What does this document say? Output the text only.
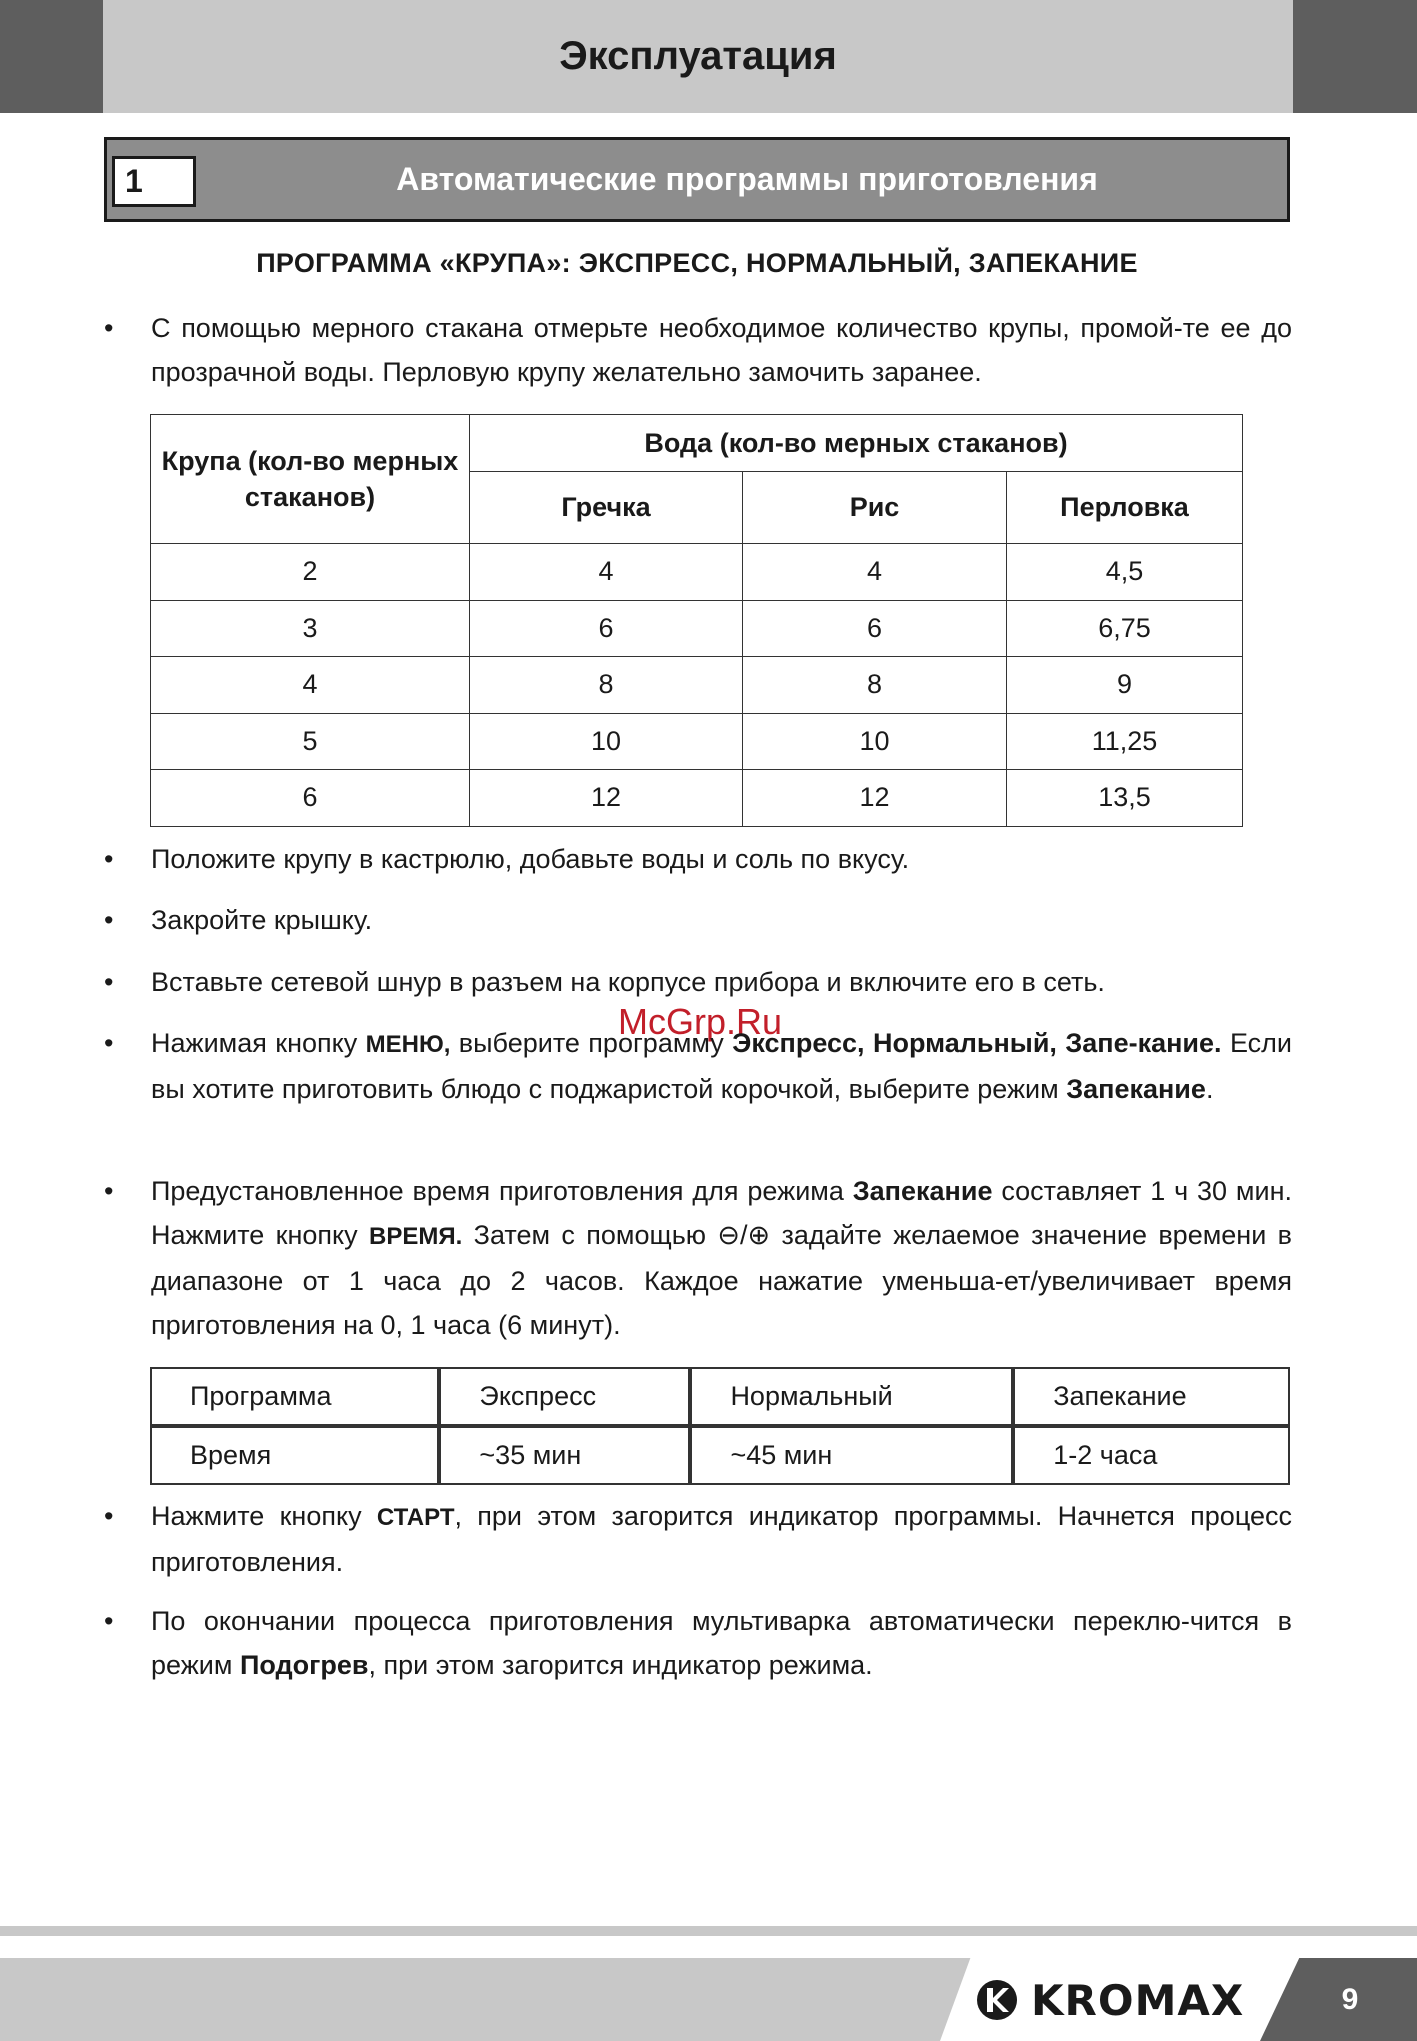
Эксплуатация
1	Автоматические программы приготовления
ПРОГРАММА «КРУПА»: ЭКСПРЕСС, НОРМАЛЬНЫЙ, ЗАПЕКАНИЕ
•	С помощью мерного стакана отмерьте необходимое количество крупы, промой-те ее до прозрачной воды. Перловую крупу желательно замочить заранее.
Крупа (кол-во мерных стаканов)	Вода (кол-во мерных стаканов)		
	Гречка	Рис	Перловка
2	4	4	4,5
3	6	6	6,75
4	8	8	9
5	10	10	11,25
6	12	12	13,5
•	Положите крупу в кастрюлю, добавьте воды и соль по вкусу.
•	Закройте крышку.
•	Вставьте сетевой шнур в разъем на корпусе прибора и включите его в сеть.
McGrp.Ru
•	Нажимая кнопку МЕНЮ, выберите программу Экспресс, Нормальный, Запе-кание. Если вы хотите приготовить блюдо с поджаристой корочкой, выберите режим Запекание.
•	Предустановленное время приготовления для режима Запекание составляет 1 ч 30 мин. Нажмите кнопку ВРЕМЯ. Затем с помощью ⊖/⊕ задайте желаемое значение времени в диапазоне от 1 часа до 2 часов. Каждое нажатие уменьша-ет/увеличивает время приготовления на 0, 1 часа (6 минут).
Программа	Экспресс	Нормальный	Запекание
Время	~35 мин	~45 мин	1-2 часа
•	Нажмите кнопку СТАРТ, при этом загорится индикатор программы. Начнется процесс приготовления.
•	По окончании процесса приготовления мультиварка автоматически переклю-чится в режим Подогрев, при этом загорится индикатор режима.
KROMAX	9
